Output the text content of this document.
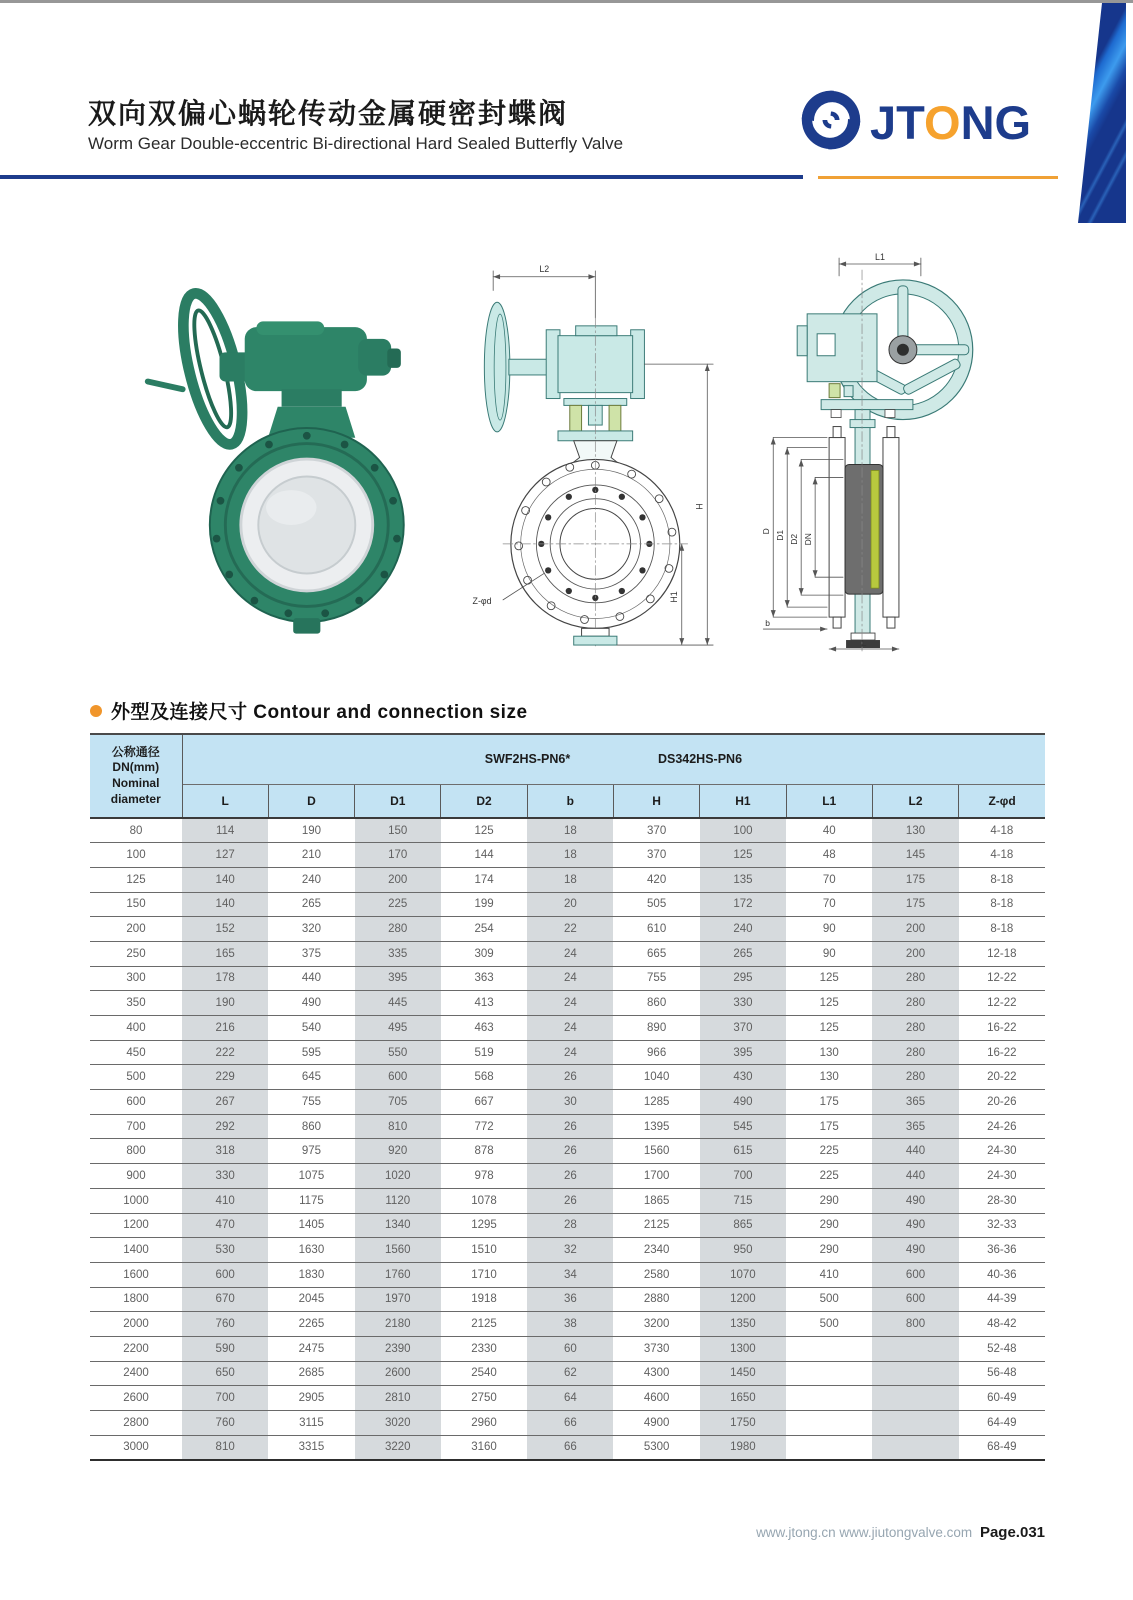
双向双偏心蜗轮传动金属硬密封蝶阀
Worm Gear Double-eccentric Bi-directional Hard Sealed Butterfly Valve	JTONG
L2
H
H1
Z-φd
L1
D D1 D2 DN
b
L
外型及连接尺寸 Contour and connection size
公称通径
DN(mm)
Nominal
diameter

SWF2HS-PN6*	DS342HS-PN6

	L	D	D1	D2	b	H	H1	L1	L2	Z-φd
80	114	190	150	125	18	370	100	40	130	4-18
100	127	210	170	144	18	370	125	48	145	4-18
125	140	240	200	174	18	420	135	70	175	8-18
150	140	265	225	199	20	505	172	70	175	8-18
200	152	320	280	254	22	610	240	90	200	8-18
250	165	375	335	309	24	665	265	90	200	12-18
300	178	440	395	363	24	755	295	125	280	12-22
350	190	490	445	413	24	860	330	125	280	12-22
400	216	540	495	463	24	890	370	125	280	16-22
450	222	595	550	519	24	966	395	130	280	16-22
500	229	645	600	568	26	1040	430	130	280	20-22
600	267	755	705	667	30	1285	490	175	365	20-26
700	292	860	810	772	26	1395	545	175	365	24-26
800	318	975	920	878	26	1560	615	225	440	24-30
900	330	1075	1020	978	26	1700	700	225	440	24-30
1000	410	1175	1120	1078	26	1865	715	290	490	28-30
1200	470	1405	1340	1295	28	2125	865	290	490	32-33
1400	530	1630	1560	1510	32	2340	950	290	490	36-36
1600	600	1830	1760	1710	34	2580	1070	410	600	40-36
1800	670	2045	1970	1918	36	2880	1200	500	600	44-39
2000	760	2265	2180	2125	38	3200	1350	500	800	48-42
2200	590	2475	2390	2330	60	3730	1300			52-48
2400	650	2685	2600	2540	62	4300	1450			56-48
2600	700	2905	2810	2750	64	4600	1650			60-49
2800	760	3115	3020	2960	66	4900	1750			64-49
3000	810	3315	3220	3160	66	5300	1980			68-49
www.jtong.cn www.jiutongvalve.com Page.031
